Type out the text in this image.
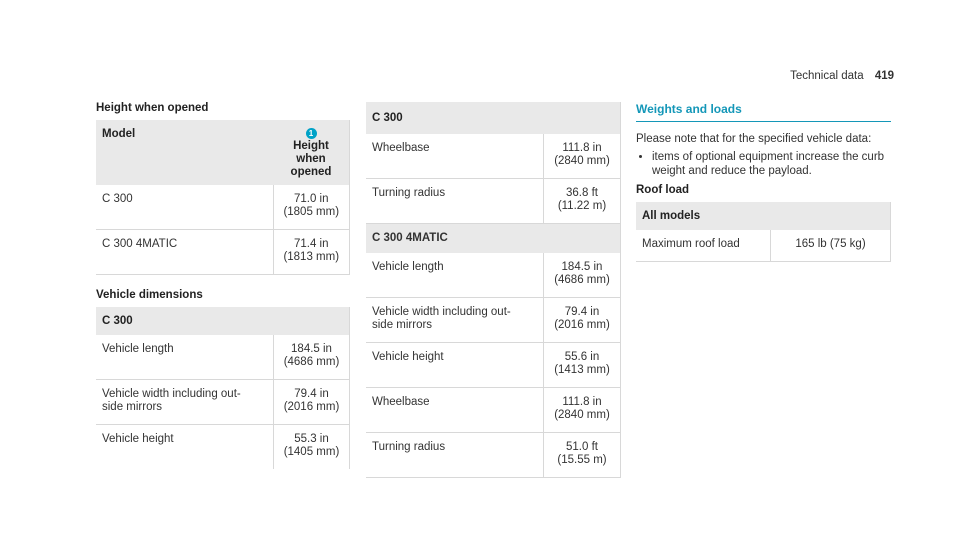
Technical data 419
Height when opened
Model	1 Height when opened
C 300	71.0 in
(1805 mm)
C 300 4MATIC	71.4 in
(1813 mm)
Vehicle dimensions
C 300	
Vehicle length	184.5 in
(4686 mm)
Vehicle width including out-
side mirrors	79.4 in
(2016 mm)
Vehicle height	55.3 in
(1405 mm)
C 300	
Wheelbase	111.8 in
(2840 mm)
Turning radius	36.8 ft
(11.22 m)
C 300 4MATIC	
Vehicle length	184.5 in
(4686 mm)
Vehicle width including out-
side mirrors	79.4 in
(2016 mm)
Vehicle height	55.6 in
(1413 mm)
Wheelbase	111.8 in
(2840 mm)
Turning radius	51.0 ft
(15.55 m)
Weights and loads
Please note that for the specified vehicle data:
• items of optional equipment increase the curb weight and reduce the payload.
Roof load
All models
Maximum roof load	165 lb (75 kg)
